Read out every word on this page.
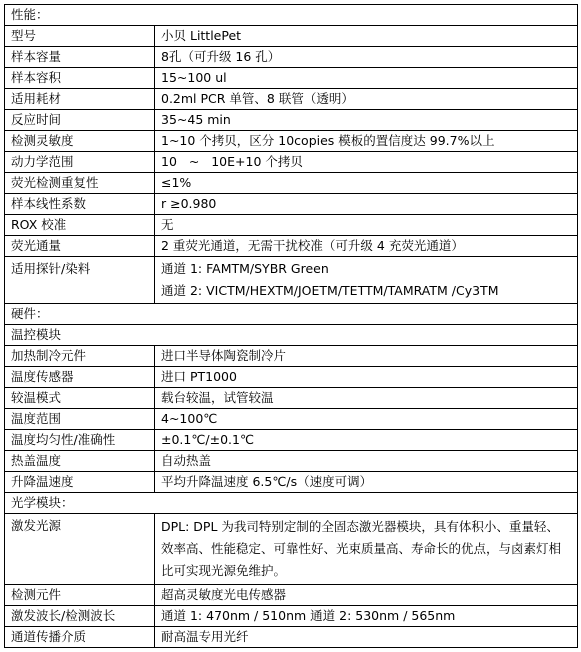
性能：	
型号	小贝 LittlePet
样本容量	8孔（可升级 16 孔）
样本容积	15~100 ul
适用耗材	0.2ml PCR 单管、8 联管（透明）
反应时间	35~45 min
检测灵敏度	1~10 个拷贝，区分 10copies 模板的置信度达 99.7%以上
动力学范围	10   ~   10E+10 个拷贝
荧光检测重复性	≤1%
样本线性系数	r ≥0.980
ROX 校准	无
荧光通量	2 重荧光通道，无需干扰校准（可升级 4 充荧光通道）
适用探针/染料	通道 1: FAMTM/SYBR Green
通道 2: VICTM/HEXTM/JOETM/TETTM/TAMRATM /Cy3TM

硬件：	
温控模块	
加热制冷元件	进口半导体陶瓷制冷片
温度传感器	进口 PT1000
较温模式	载台较温，试管较温
温度范围	4~100℃
温度均匀性/准确性	±0.1℃/±0.1℃
热盖温度	自动热盖
升降温速度	平均升降温速度 6.5℃/s（速度可调）
光学模块：	
激发光源	DPL: DPL 为我司特别定制的全固态激光器模块，具有体积小、重量轻、效率高、性能稳定、可靠性好、光束质量高、寿命长的优点，与卤素灯相比可实现光源免维护。
检测元件	超高灵敏度光电传感器
激发波长/检测波长	通道 1: 470nm / 510nm 通道 2: 530nm / 565nm
通道传播介质	耐高温专用光纤
